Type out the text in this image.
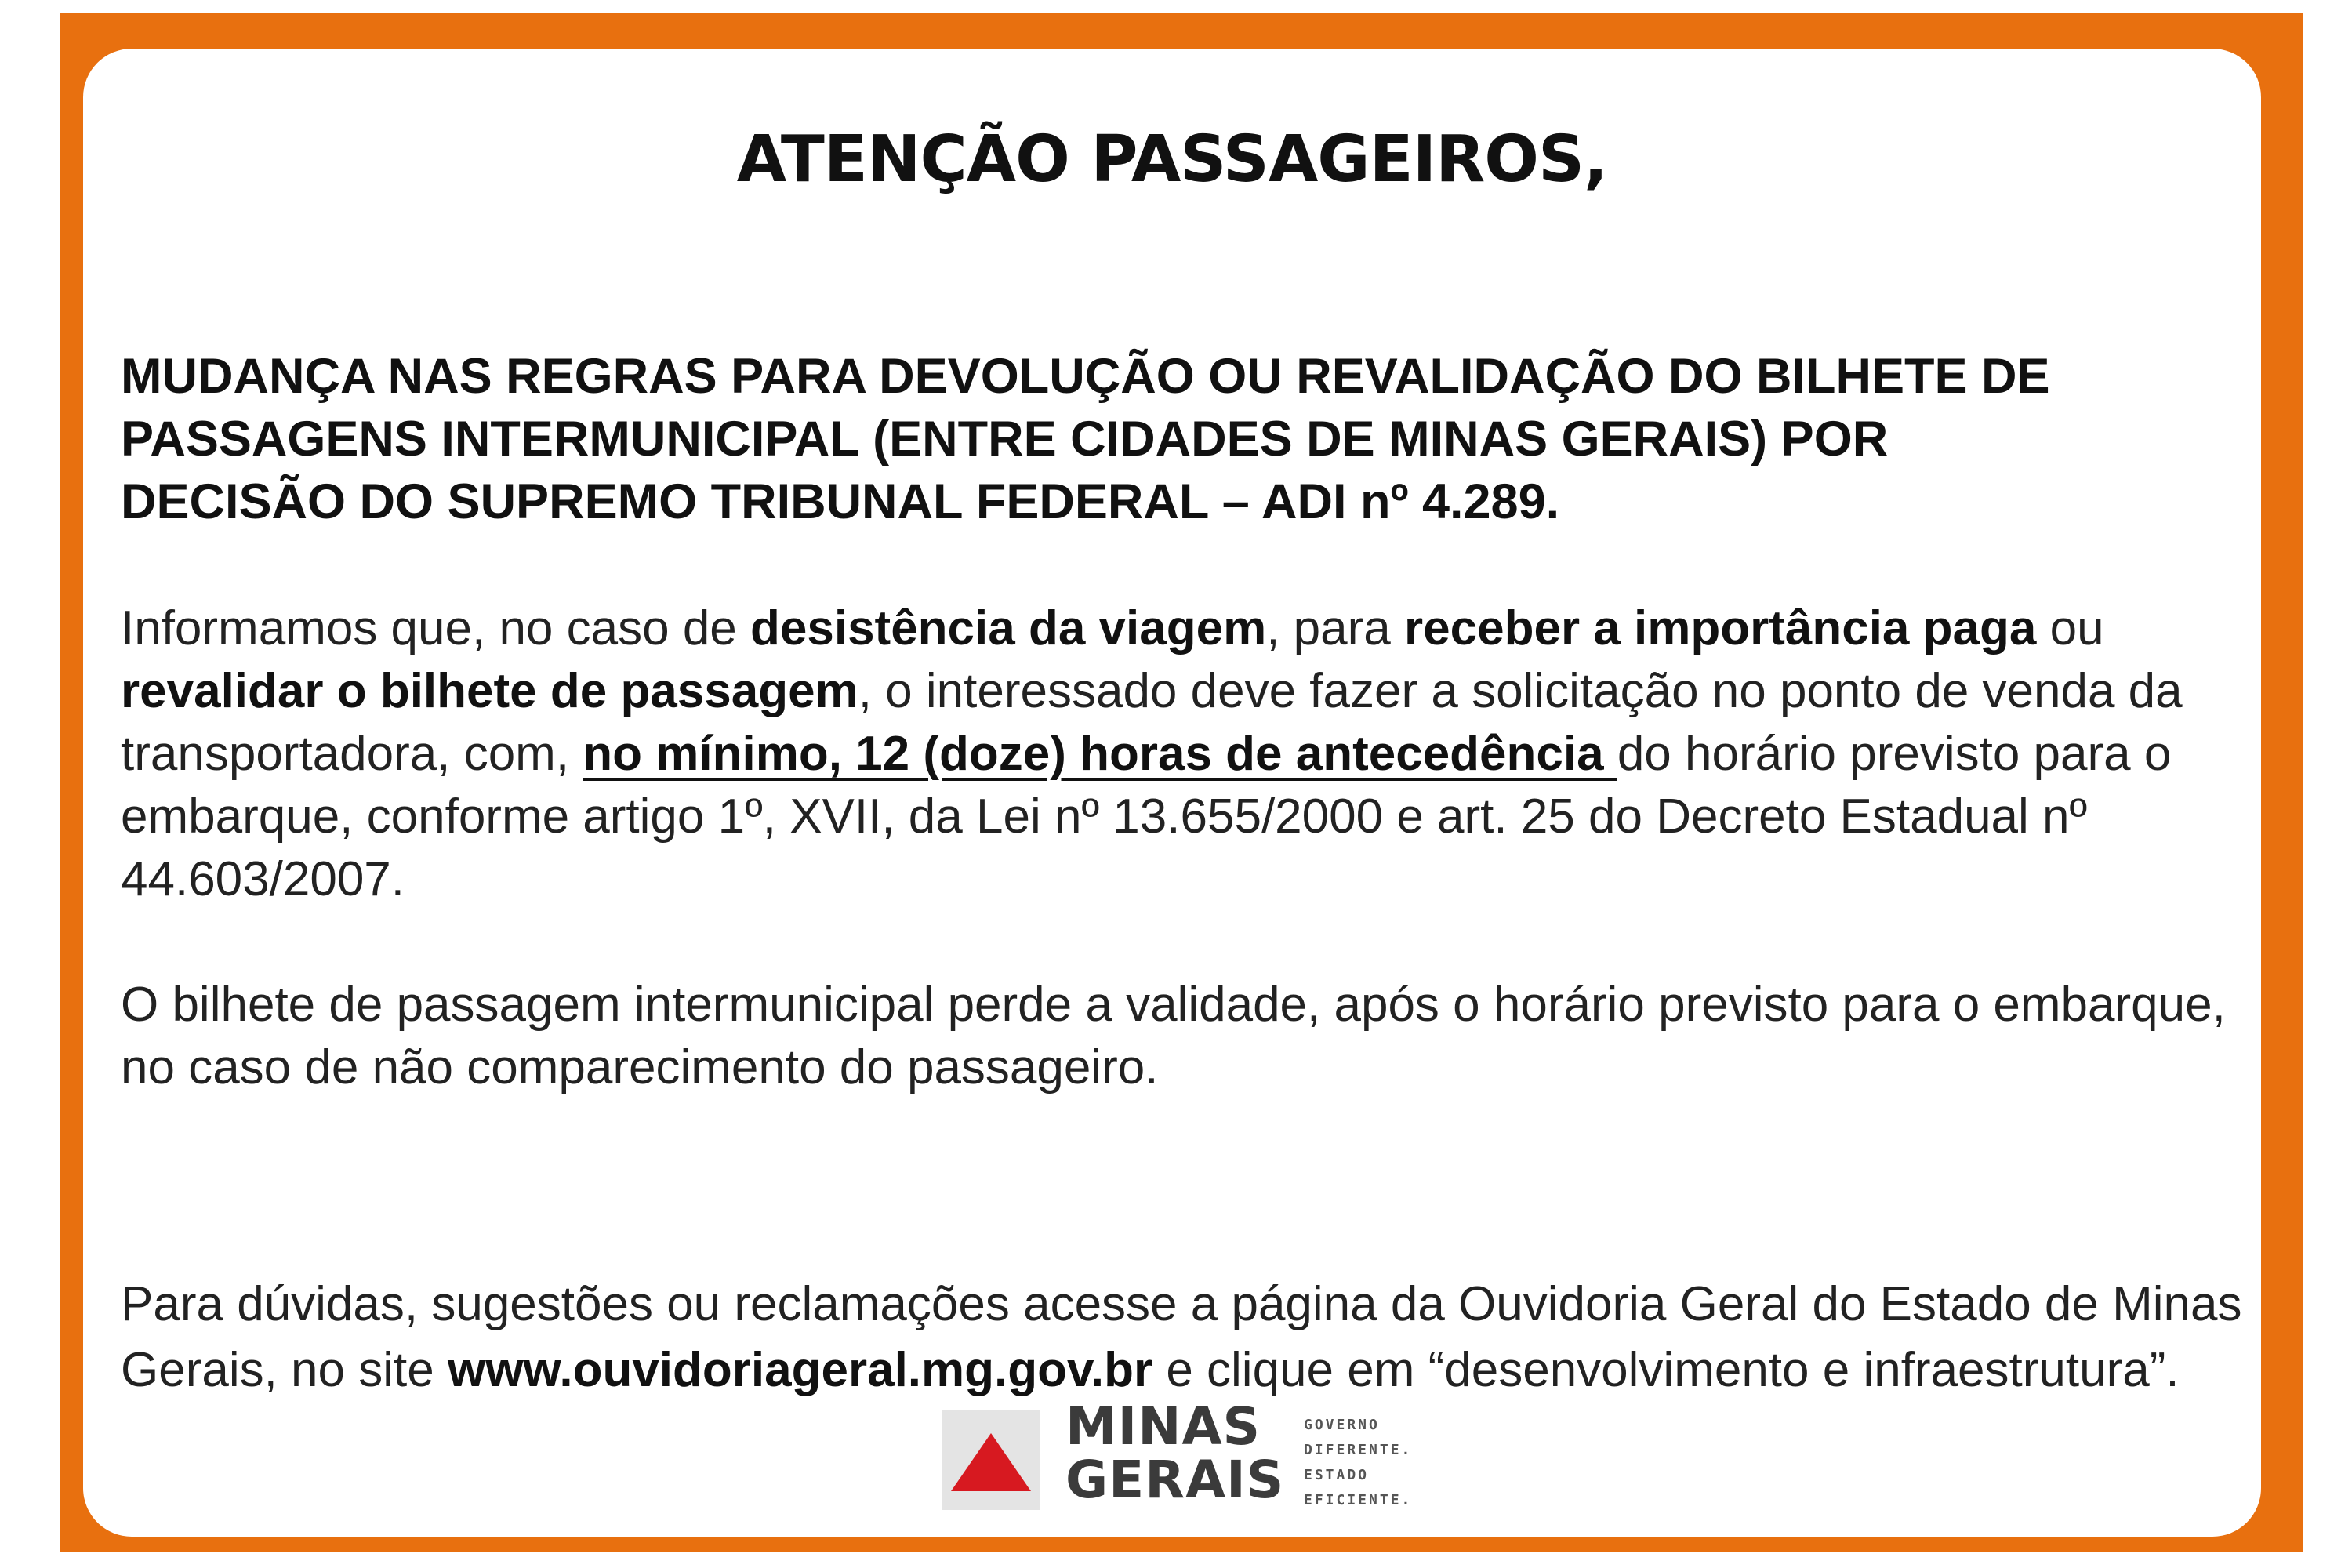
ATENÇÃO PASSAGEIROS,

MUDANÇA NAS REGRAS PARA DEVOLUÇÃO OU REVALIDAÇÃO DO BILHETE DE
PASSAGENS INTERMUNICIPAL (ENTRE CIDADES DE MINAS GERAIS) POR
DECISÃO DO SUPREMO TRIBUNAL FEDERAL – ADI nº 4.289.

Informamos que, no caso de desistência da viagem, para receber a importância paga ou revalidar o bilhete de passagem, o interessado deve fazer a solicitação no ponto de venda da transportadora, com, no mínimo, 12 (doze) horas de antecedência do horário previsto para o embarque, conforme artigo 1º, XVII, da Lei nº 13.655/2000 e art. 25 do Decreto Estadual nº 44.603/2007.

O bilhete de passagem intermunicipal perde a validade, após o horário previsto para o embarque, no caso de não comparecimento do passageiro.

Para dúvidas, sugestões ou reclamações acesse a página da Ouvidoria Geral do Estado de Minas Gerais, no site www.ouvidoriageral.mg.gov.br e clique em “desenvolvimento e infraestrutura”.

MINAS
GERAIS
GOVERNO
DIFERENTE.
ESTADO
EFICIENTE.
